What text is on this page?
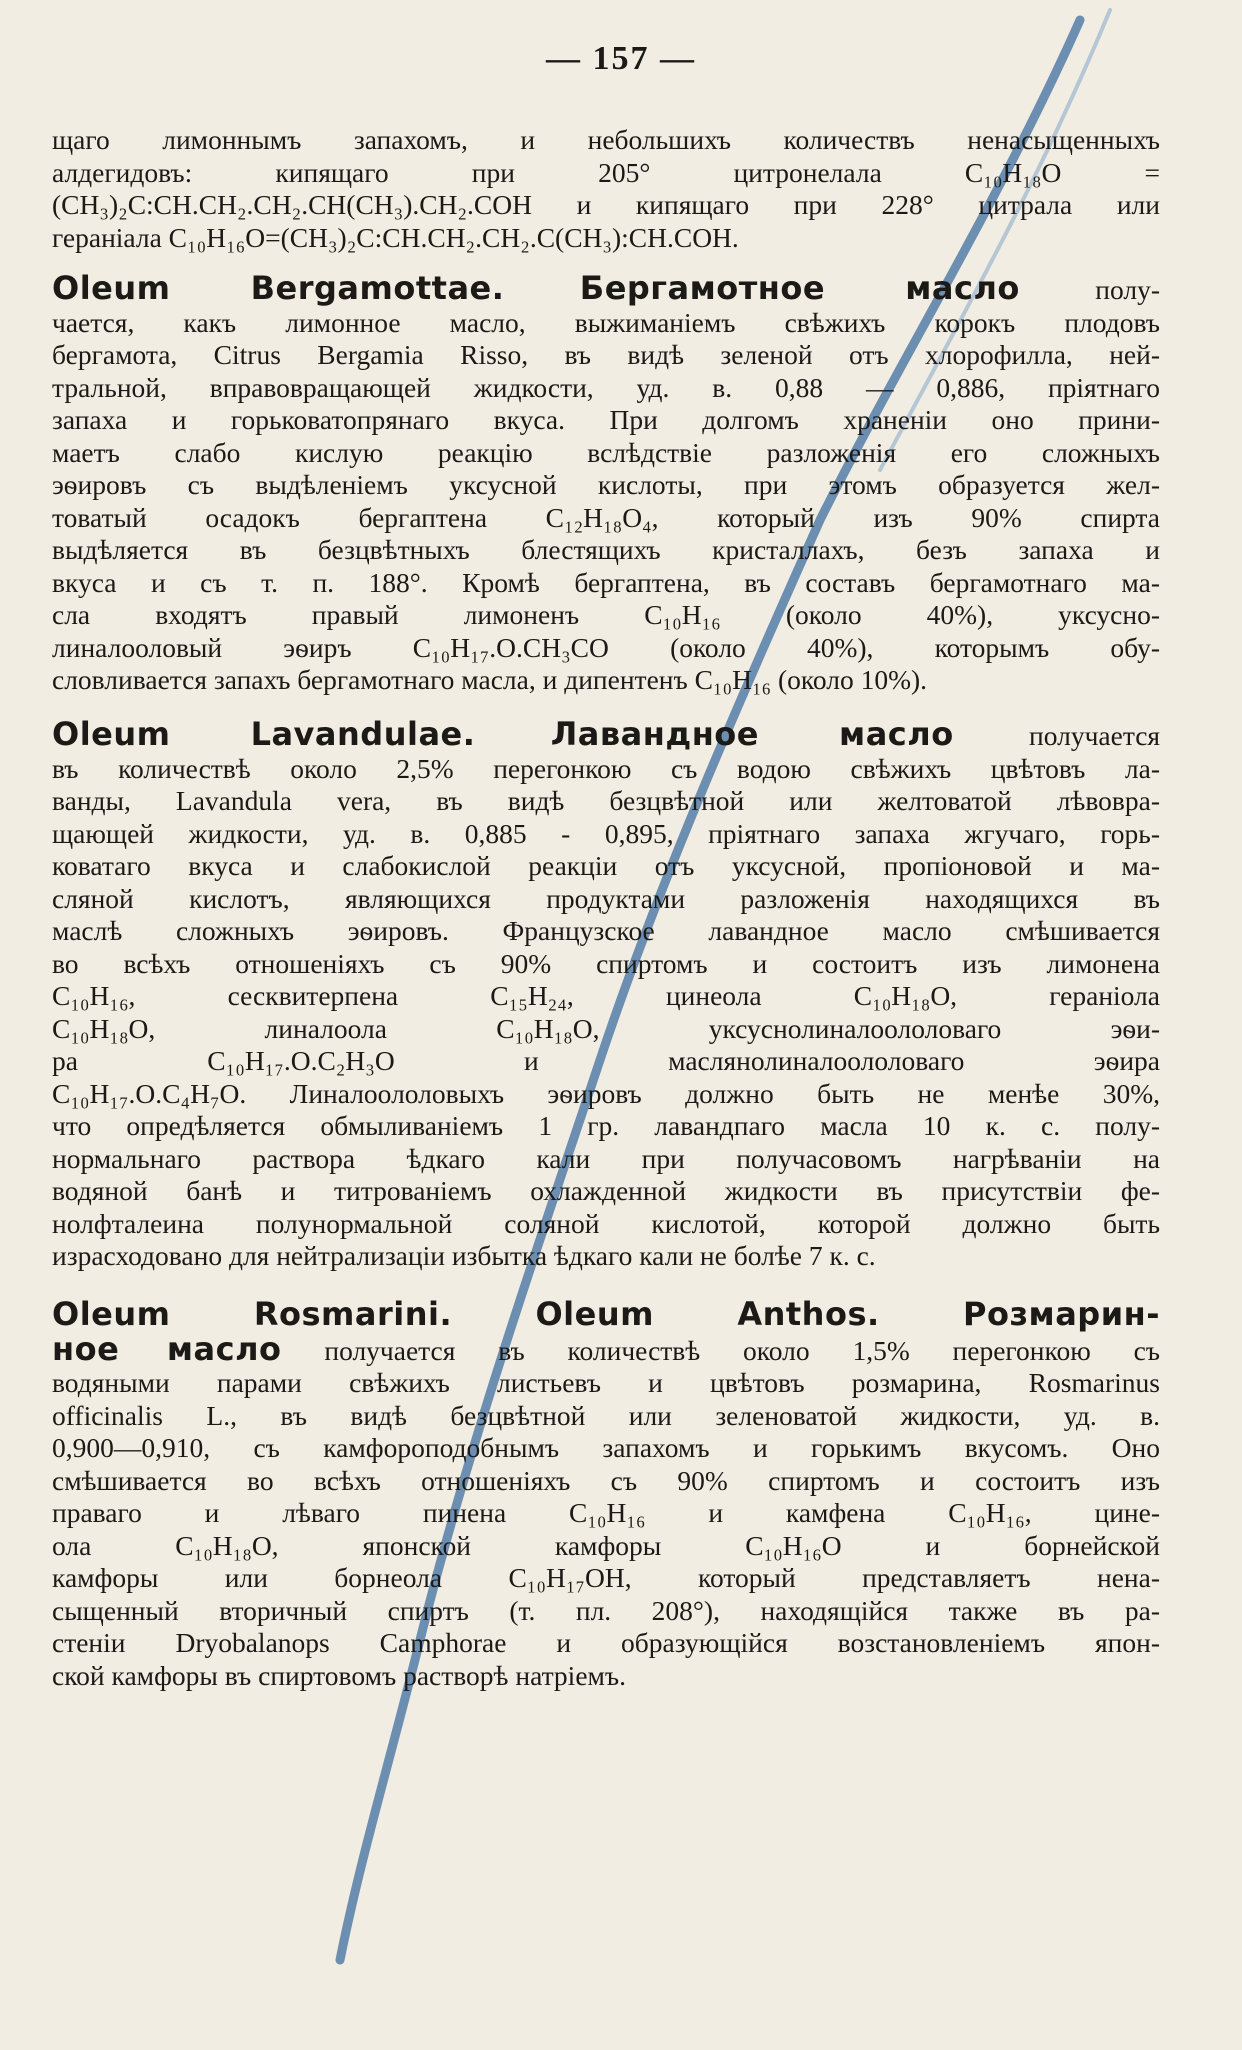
— 157 —
щаго лимоннымъ запахомъ, и небольшихъ количествъ ненасыщенныхъ
алдегидовъ: кипящаго при 205° цитронелала C₁₀H₁₈O =
(CH₃)₂C:CH.CH₂.CH₂.CH(CH₃).CH₂.COH и кипящаго при 228° цитрала или
гераніала C₁₀H₁₆O=(CH₃)₂C:CH.CH₂.CH₂.C(CH₃):CH.COH.
Oleum Bergamottae. Бергамотное масло	полу-
чается, какъ лимонное масло, выжиманіемъ свѣжихъ корокъ плодовъ
бергамота, Citrus Bergamia Risso, въ видѣ зеленой отъ хлорофилла, ней-
тральной, вправовращающей жидкости, уд. в. 0,88 — 0,886, пріятнаго
запаха и горьковатопрянаго вкуса. При долгомъ храненіи оно прини-
маетъ слабо кислую реакцію вслѣдствіе разложенія его сложныхъ
эѳировъ съ выдѣленіемъ уксусной кислоты, при этомъ образуется жел-
товатый осадокъ бергаптена C₁₂H₁₈O₄, который изъ 90% спирта
выдѣляется въ безцвѣтныхъ блестящихъ кристаллахъ, безъ запаха и
вкуса и съ т. п. 188°. Кромѣ бергаптена, въ составъ бергамотнаго ма-
сла входятъ правый лимоненъ C₁₀H₁₆ (около 40%), уксусно-
линалооловый эѳиръ C₁₀H₁₇.O.CH₃CO (около 40%), которымъ обу-
словливается запахъ бергамотнаго масла, и дипентенъ C₁₀H₁₆ (около 10%).
Oleum Lavandulae. Лавандное масло	получается
въ количествѣ около 2,5% перегонкою съ водою свѣжихъ цвѣтовъ ла-
ванды, Lavandula vera, въ видѣ безцвѣтной или желтоватой лѣвовра-
щающей жидкости, уд. в. 0,885 - 0,895, пріятнаго запаха жгучаго, горь-
коватаго вкуса и слабокислой реакціи отъ уксусной, пропіоновой и ма-
сляной кислотъ, являющихся продуктами разложенія находящихся въ
маслѣ сложныхъ эѳировъ. Французское лавандное масло смѣшивается
во всѣхъ отношеніяхъ съ 90% спиртомъ и состоитъ изъ лимонена
C₁₀H₁₆, сесквитерпена C₁₅H₂₄, цинеола C₁₀H₁₈O, гераніола
C₁₀H₁₈O, линалоола C₁₀H₁₈O, уксуснолиналоололоваго эѳи-
ра C₁₀H₁₇.O.C₂H₃O и маслянолиналоололоваго эѳира
C₁₀H₁₇.O.C₄H₇O. Линалоололовыхъ эѳировъ должно быть не менѣе 30%,
что опредѣляется обмыливаніемъ 1 гр. лавандпаго масла 10 к. с. полу-
нормальнаго раствора ѣдкаго кали при получасовомъ нагрѣваніи на
водяной банѣ и титрованіемъ охлажденной жидкости въ присутствіи фе-
нолфталеина полунормальной соляной кислотой, которой должно быть
израсходовано для нейтрализаціи избытка ѣдкаго кали не болѣе 7 к. с.
Oleum Rosmarini. Oleum Anthos. Розмарин-
ное масло получается въ количествѣ около 1,5% перегонкою съ
водяными парами свѣжихъ листьевъ и цвѣтовъ розмарина, Rosmarinus
officinalis L., въ видѣ безцвѣтной или зеленоватой жидкости, уд. в.
0,900—0,910, съ камфороподобнымъ запахомъ и горькимъ вкусомъ. Оно
смѣшивается во всѣхъ отношеніяхъ съ 90% спиртомъ и состоитъ изъ
праваго и лѣваго пинена C₁₀H₁₆ и камфена C₁₀H₁₆, цине-
ола C₁₀H₁₈O, японской камфоры C₁₀H₁₆O и борнейской
камфоры или борнеола C₁₀H₁₇OH, который представляетъ нена-
сыщенный вторичный спиртъ (т. пл. 208°), находящійся также въ ра-
стеніи Dryobalanops Camphorae и образующійся возстановленіемъ япон-
ской камфоры въ спиртовомъ растворѣ натріемъ.
